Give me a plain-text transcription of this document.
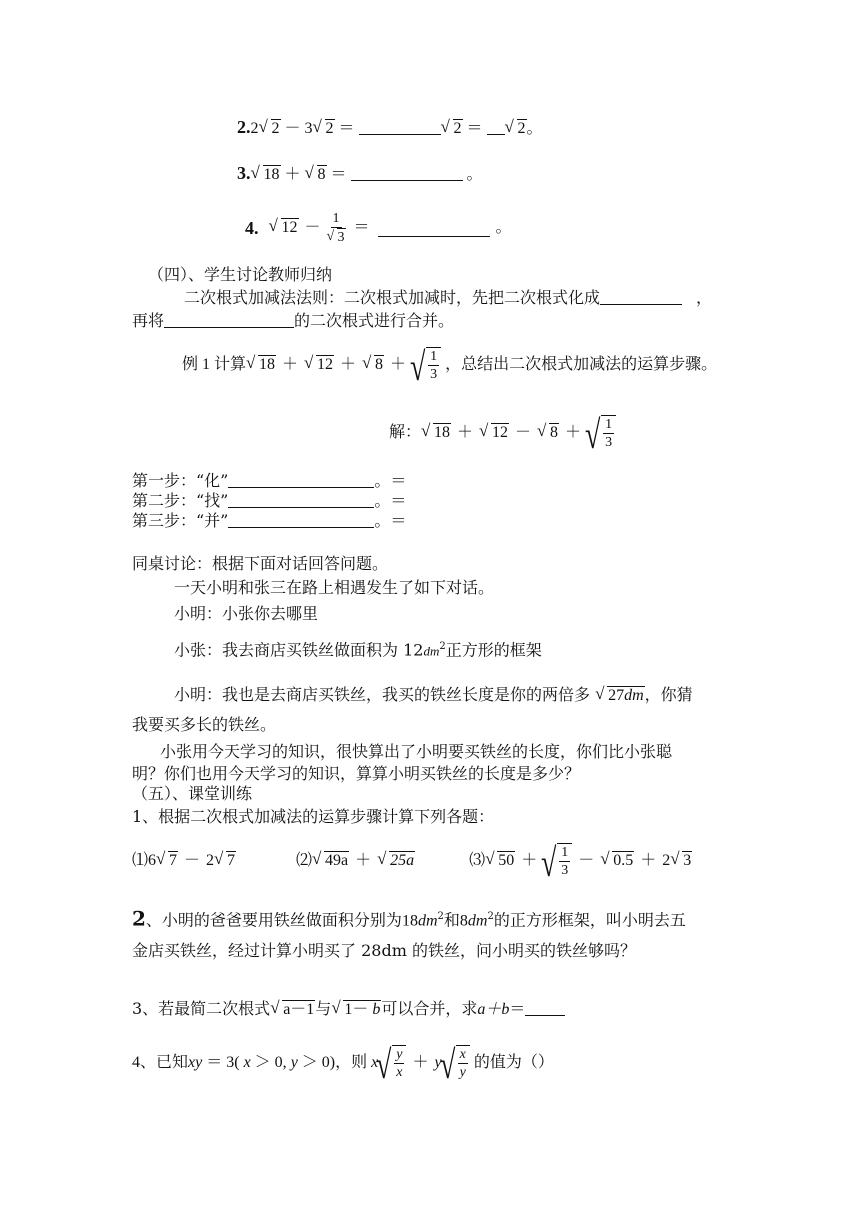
2.2 √ 2 － 3 √ 2 ＝	√ 2 ＝ √ 2。
3. √ 18 ＋ √ 8 ＝	。
4. √ $12 - \frac{1}{√ 3}$ ＝	。
（四）、学生讨论教师归纳
二次根式加减法法则：二次根式加减时，先把二次根式化成	，
再将	的二次根式进行合并。
例 1 计算 √ 18 ＋ √ 12 ＋ √ 8 ＋ √ $\frac{1}{3}$ ，总结出二次根式加减法的运算步骤。
解： √ 18 ＋ √ 12 － √ 8 ＋ √ $\frac{1}{3}$
第一步：“化”	。＝
第二步：“找”	。＝
第三步：“并”	。＝
同桌讨论：根据下面对话回答问题。
一天小明和张三在路上相遇发生了如下对话。
小明：小张你去哪里
小张：我去商店买铁丝做面积为 $12dm^2$正方形的框架
小明：我也是去商店买铁丝，我买的铁丝长度是你的两倍多 √ 27dm，你猜
我要买多长的铁丝。
小张用今天学习的知识，很快算出了小明要买铁丝的长度，你们比小张聪
明？你们也用今天学习的知识，算算小明买铁丝的长度是多少？
（五）、课堂训练
1、根据二次根式加减法的运算步骤计算下列各题：
⑴6 √ 7 － 2 √ 7	⑵ √ 49a ＋ √ 25a	⑶ √ 50 ＋ √ $\frac{1}{3}$ － √ 0.5 ＋ 2 √ 3
2、小明的爸爸要用铁丝做面积分别为$18dm^2$和$8dm^2$的正方形框架，叫小明去五
金店买铁丝，经过计算小明买了 28dm 的铁丝，问小明买的铁丝够吗？
3、若最简二次根式 √ a－1与 √ 1－ b可以合并，求a＋b＝
4、已知 xy ＝ 3( x ＞ 0, y ＞ 0)，则 x
√ $\frac{y}{x} + y$
√ $\frac{x}{y}$ 的值为（）
